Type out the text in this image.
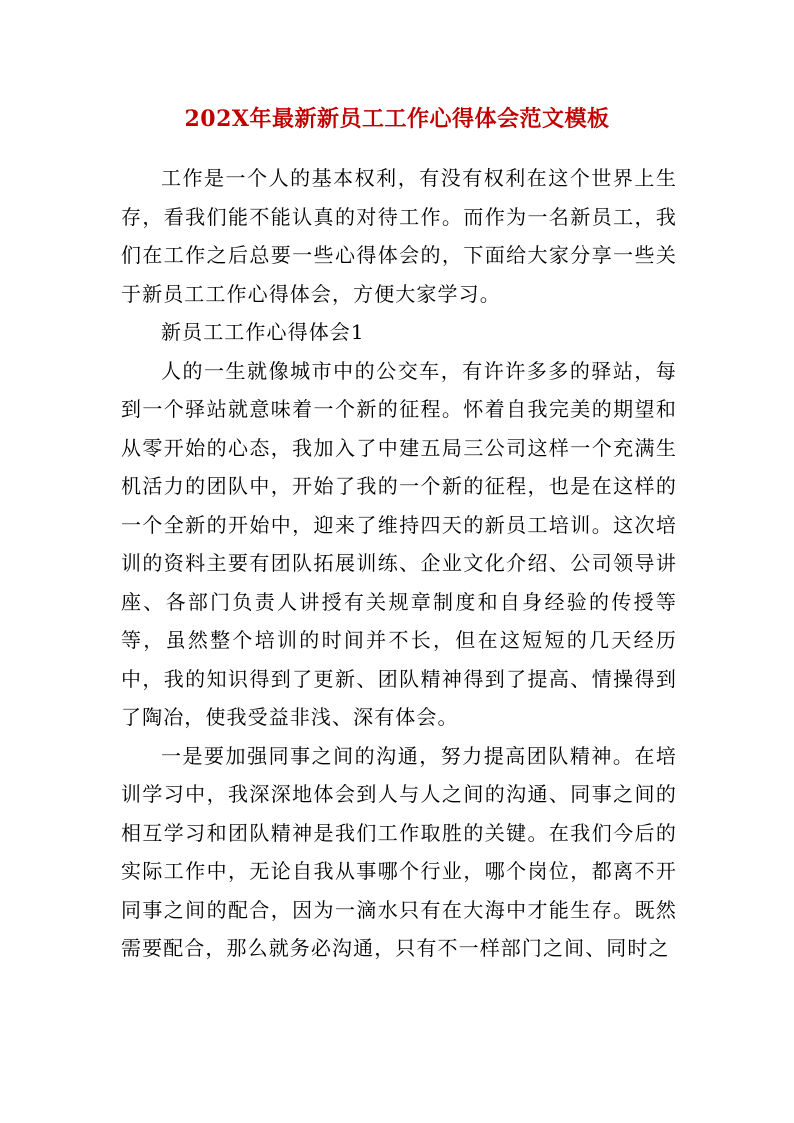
202X年最新新员工工作心得体会范文模板

工作是一个人的基本权利，有没有权利在这个世界上生存，看我们能不能认真的对待工作。而作为一名新员工，我们在工作之后总要一些心得体会的，下面给大家分享一些关于新员工工作心得体会，方便大家学习。

新员工工作心得体会1

人的一生就像城市中的公交车，有许许多多的驿站，每到一个驿站就意味着一个新的征程。怀着自我完美的期望和从零开始的心态，我加入了中建五局三公司这样一个充满生机活力的团队中，开始了我的一个新的征程，也是在这样的一个全新的开始中，迎来了维持四天的新员工培训。这次培训的资料主要有团队拓展训练、企业文化介绍、公司领导讲座、各部门负责人讲授有关规章制度和自身经验的传授等等，虽然整个培训的时间并不长，但在这短短的几天经历中，我的知识得到了更新、团队精神得到了提高、情操得到了陶冶，使我受益非浅、深有体会。

一是要加强同事之间的沟通，努力提高团队精神。在培训学习中，我深深地体会到人与人之间的沟通、同事之间的相互学习和团队精神是我们工作取胜的关键。在我们今后的实际工作中，无论自我从事哪个行业，哪个岗位，都离不开同事之间的配合，因为一滴水只有在大海中才能生存。既然需要配合，那么就务必沟通，只有不一样部门之间、同时之
